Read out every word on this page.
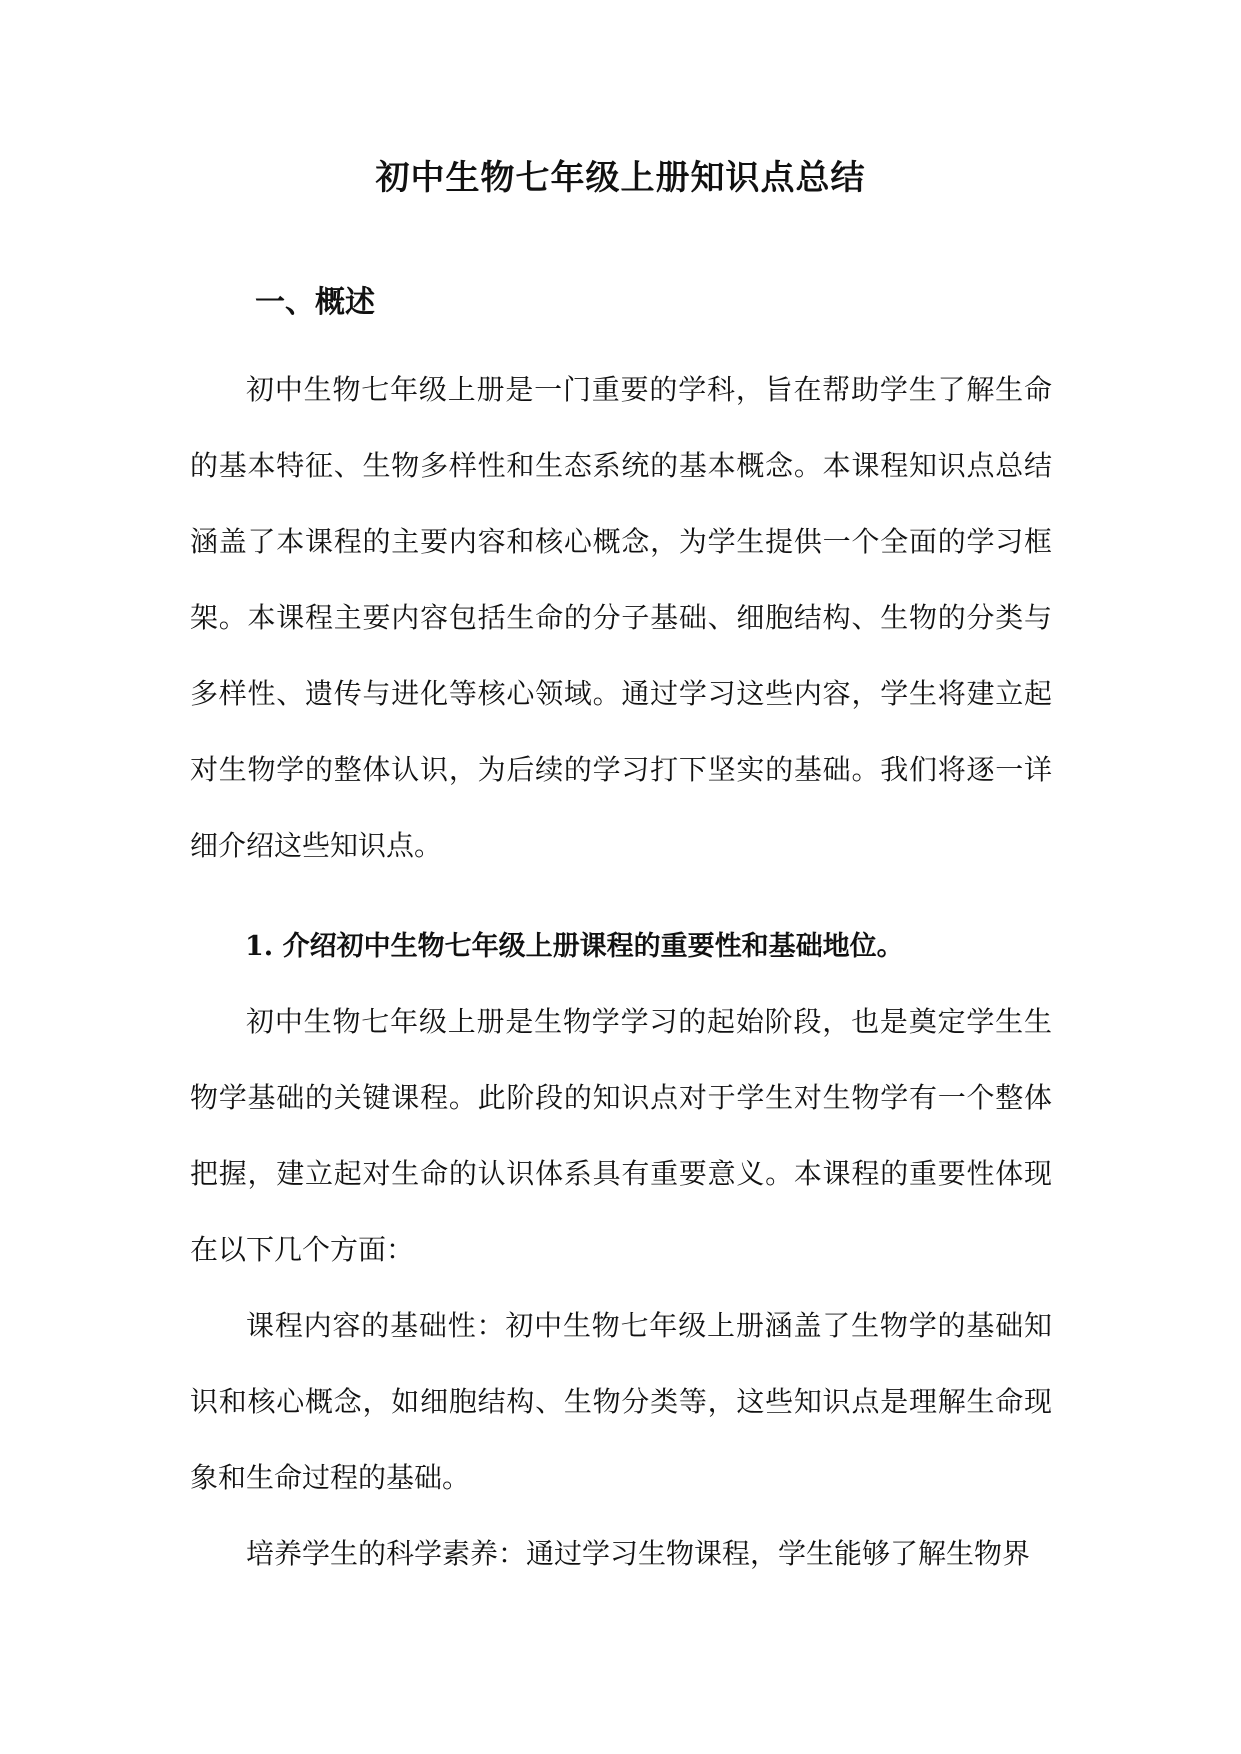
初中生物七年级上册知识点总结
一、概述

初中生物七年级上册是一门重要的学科，旨在帮助学生了解生命的基本特征、生物多样性和生态系统的基本概念。本课程知识点总结涵盖了本课程的主要内容和核心概念，为学生提供一个全面的学习框架。本课程主要内容包括生命的分子基础、细胞结构、生物的分类与多样性、遗传与进化等核心领域。通过学习这些内容，学生将建立起对生物学的整体认识，为后续的学习打下坚实的基础。我们将逐一详细介绍这些知识点。

1. 介绍初中生物七年级上册课程的重要性和基础地位。

初中生物七年级上册是生物学学习的起始阶段，也是奠定学生生物学基础的关键课程。此阶段的知识点对于学生对生物学有一个整体把握，建立起对生命的认识体系具有重要意义。本课程的重要性体现在以下几个方面：

课程内容的基础性：初中生物七年级上册涵盖了生物学的基础知识和核心概念，如细胞结构、生物分类等，这些知识点是理解生命现象和生命过程的基础。

培养学生的科学素养：通过学习生物课程，学生能够了解生物界
